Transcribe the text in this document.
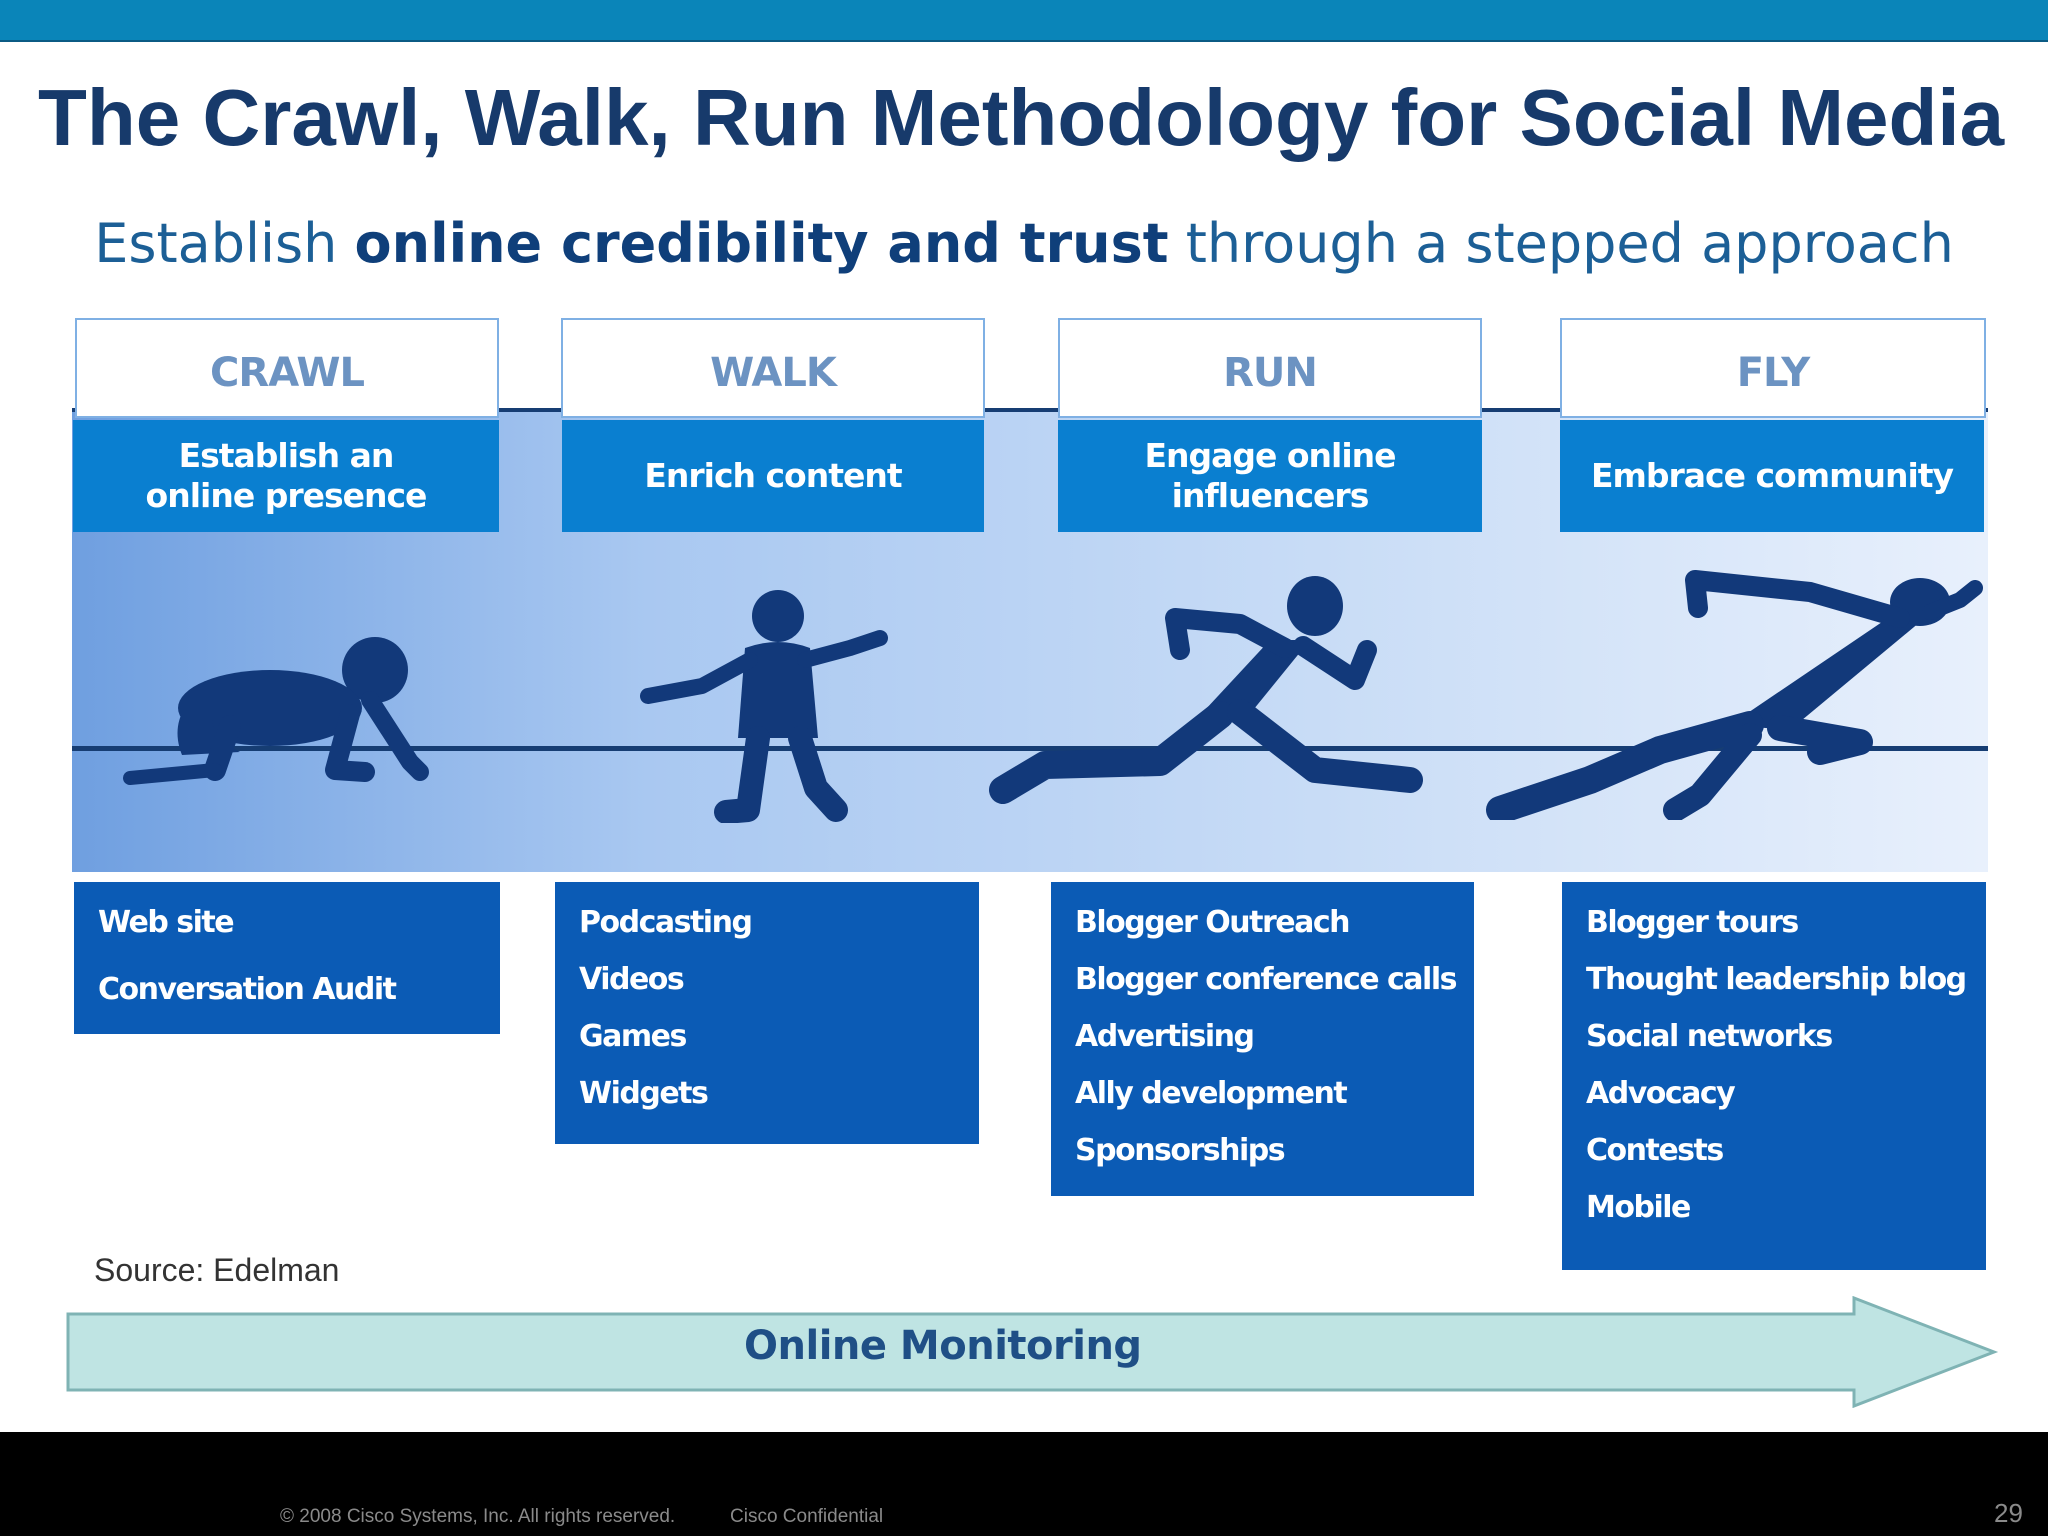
The Crawl, Walk, Run Methodology for Social Media
Establish online credibility and trust through a stepped approach
CRAWL	WALK	RUN	FLY
Establish an
online presence
Enrich content
Engage online
influencers
Embrace community
Web site
Conversation Audit
Podcasting
Videos
Games
Widgets
Blogger Outreach
Blogger conference calls
Advertising
Ally development
Sponsorships
Blogger tours
Thought leadership blog
Social networks
Advocacy
Contests
Mobile
Source: Edelman
Online Monitoring
© 2008 Cisco Systems, Inc. All rights reserved.	Cisco Confidential	29
